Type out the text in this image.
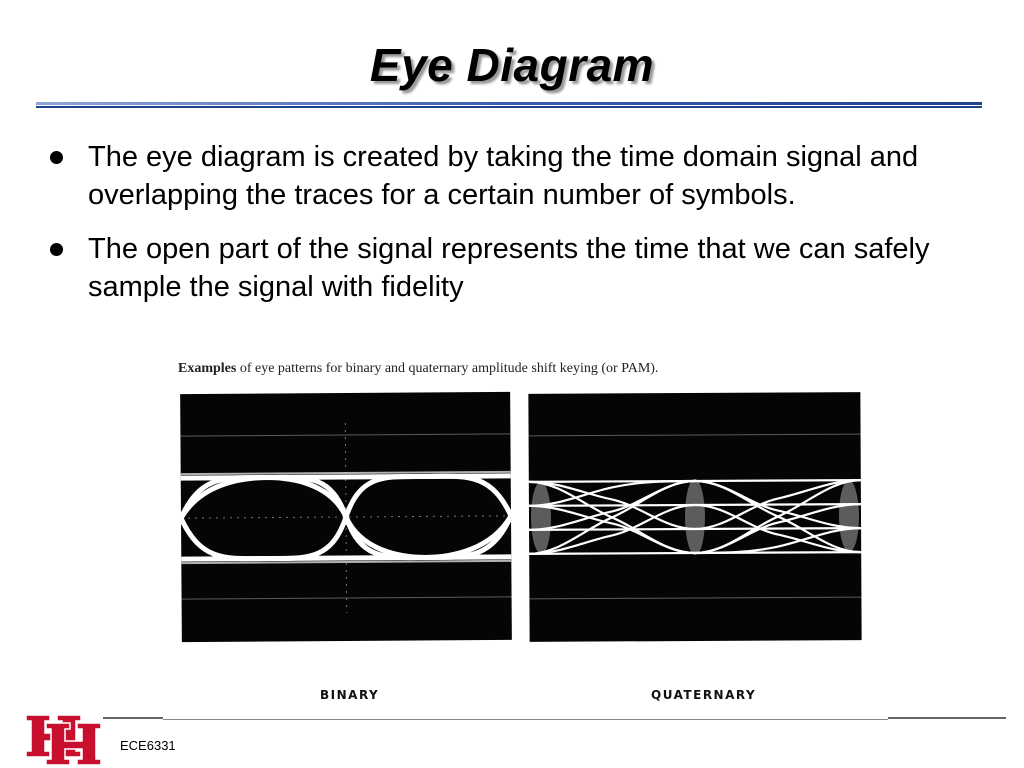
Eye Diagram
The eye diagram is created by taking the time domain signal and overlapping the traces for a certain number of symbols.
The open part of the signal represents the time that we can safely sample the signal with fidelity
Examples of eye patterns for binary and quaternary amplitude shift keying (or PAM).
BINARY	QUATERNARY
ECE6331
